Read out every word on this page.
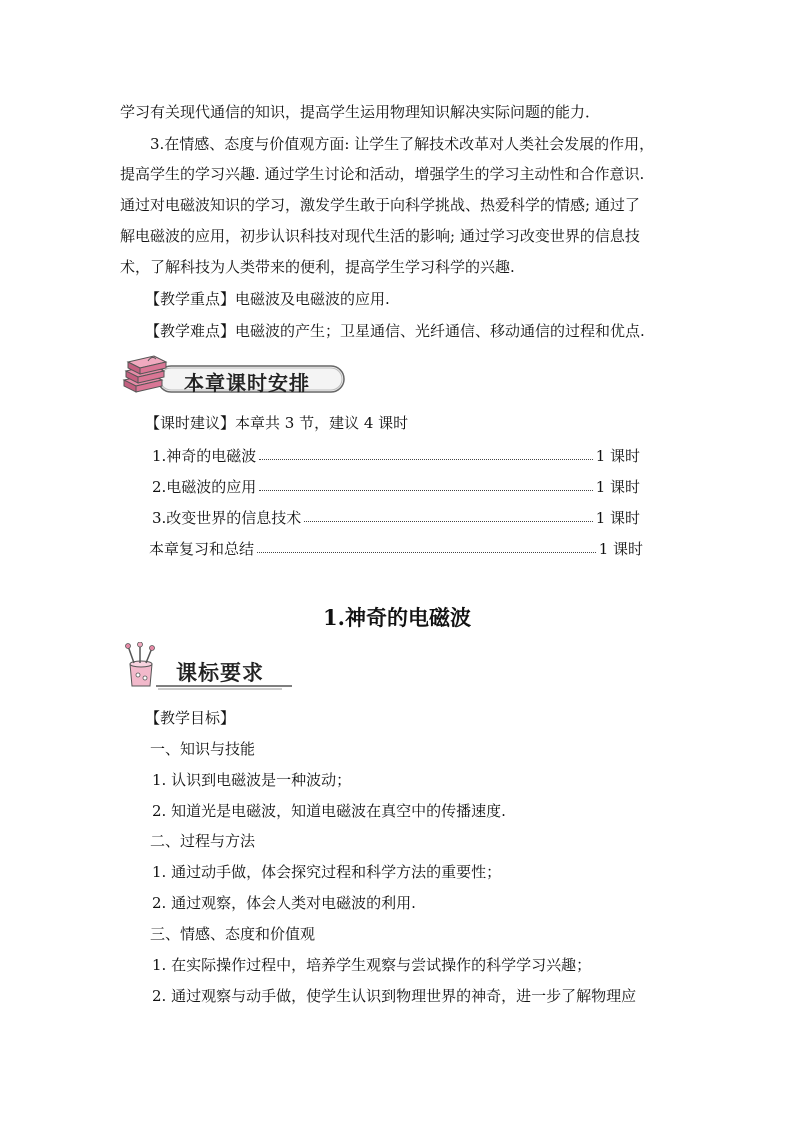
学习有关现代通信的知识，提高学生运用物理知识解决实际问题的能力．
3.在情感、态度与价值观方面: 让学生了解技术改革对人类社会发展的作用，
提高学生的学习兴趣. 通过学生讨论和活动，增强学生的学习主动性和合作意识.
通过对电磁波知识的学习，激发学生敢于向科学挑战、热爱科学的情感; 通过了
解电磁波的应用，初步认识科技对现代生活的影响; 通过学习改变世界的信息技
术，了解科技为人类带来的便利，提高学生学习科学的兴趣.
【教学重点】电磁波及电磁波的应用.
【教学难点】电磁波的产生；卫星通信、光纤通信、移动通信的过程和优点.
本章课时安排
【课时建议】本章共 3 节，建议 4 课时
1.神奇的电磁波	1 课时
2.电磁波的应用	1 课时
3.改变世界的信息技术	1 课时
本章复习和总结	1 课时
1.神奇的电磁波
课标要求
【教学目标】
一、知识与技能
1. 认识到电磁波是一种波动；
2. 知道光是电磁波，知道电磁波在真空中的传播速度.
二、过程与方法
1. 通过动手做，体会探究过程和科学方法的重要性；
2. 通过观察，体会人类对电磁波的利用.
三、情感、态度和价值观
1. 在实际操作过程中，培养学生观察与尝试操作的科学学习兴趣；
2. 通过观察与动手做，使学生认识到物理世界的神奇，进一步了解物理应
